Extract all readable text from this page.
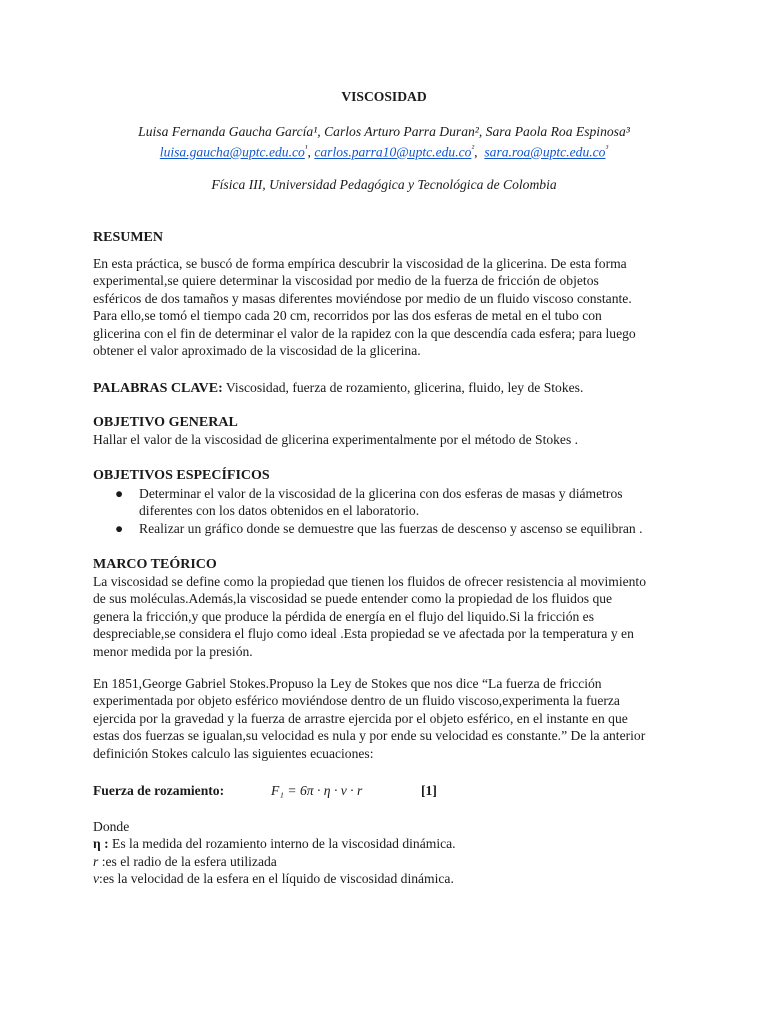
VISCOSIDAD
Luisa Fernanda Gaucha García¹, Carlos Arturo Parra Duran², Sara Paola Roa Espinosa³
$luisa.gaucha@uptc.edu.co^{^1}$, $carlos.parra10@uptc.edu.co^{^2}$,  $sara.roa@uptc.edu.co^{^3}$
Física III, Universidad Pedagógica y Tecnológica de Colombia
RESUMEN
En esta práctica, se buscó de forma empírica descubrir la viscosidad de la glicerina. De esta forma
experimental,se quiere determinar la viscosidad por medio de la fuerza de fricción de objetos
esféricos de dos tamaños y masas diferentes moviéndose por medio de un fluido viscoso constante.
Para ello,se tomó el tiempo cada 20 cm, recorridos por las dos esferas de metal en el tubo con
glicerina con el fin de determinar el valor de la rapidez con la que descendía cada esfera; para luego
obtener el valor aproximado de la viscosidad de la glicerina.
PALABRAS CLAVE: Viscosidad, fuerza de rozamiento, glicerina, fluido, ley de Stokes.
OBJETIVO GENERAL
Hallar el valor de la viscosidad de glicerina experimentalmente por el método de Stokes .
OBJETIVOS ESPECÍFICOS
● Determinar el valor de la viscosidad de la glicerina con dos esferas de masas y diámetros
diferentes con los datos obtenidos en el laboratorio.
● Realizar un gráfico donde se demuestre que las fuerzas de descenso y ascenso se equilibran .
MARCO TEÓRICO
La viscosidad se define como la propiedad que tienen los fluidos de ofrecer resistencia al movimiento
de sus moléculas.Además,la viscosidad se puede entender como la propiedad de los fluidos que
genera la fricción,y que produce la pérdida de energía en el flujo del liquido.Si la fricción es
despreciable,se considera el flujo como ideal .Esta propiedad se ve afectada por la temperatura y en
menor medida por la presión.
En 1851,George Gabriel Stokes.Propuso la Ley de Stokes que nos dice “La fuerza de fricción
experimentada por objeto esférico moviéndose dentro de un fluido viscoso,experimenta la fuerza
ejercida por la gravedad y la fuerza de arrastre ejercida por el objeto esférico, en el instante en que
estas dos fuerzas se igualan,su velocidad es nula y por ende su velocidad es constante.” De la anterior
definición Stokes calculo las siguientes ecuaciones:
Fuerza de rozamiento:	F₁ = 6π · η · v · r	[1]
Donde
η : Es la medida del rozamiento interno de la viscosidad dinámica.
r :es el radio de la esfera utilizada
v:es la velocidad de la esfera en el líquido de viscosidad dinámica.
